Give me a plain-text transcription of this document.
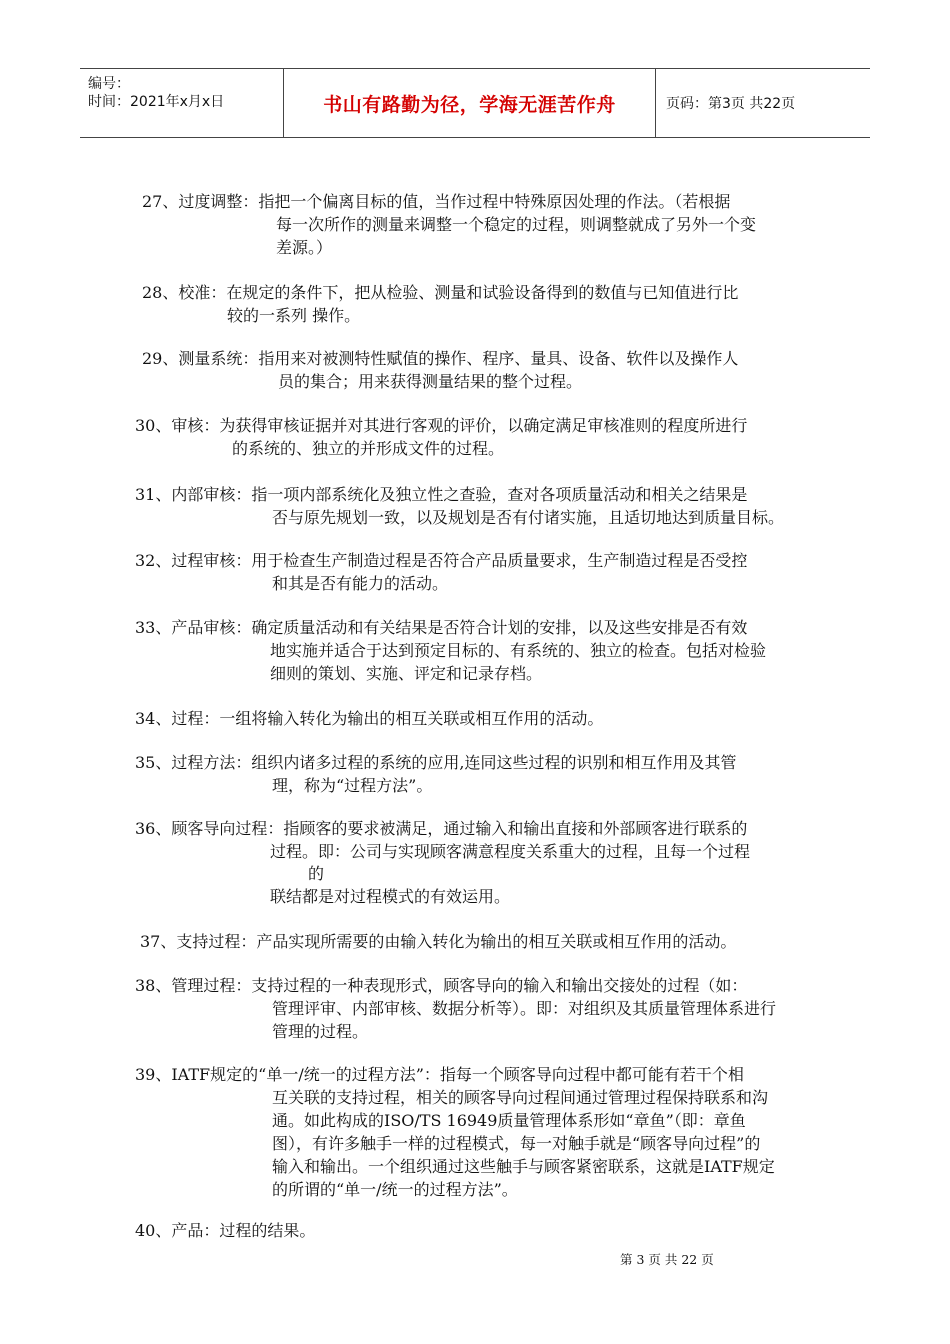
编号：
时间：2021年x月x日	书山有路勤为径，学海无涯苦作舟	页码：第3页 共22页
27、过度调整：指把一个偏离目标的值，当作过程中特殊原因处理的作法。（若根据
每一次所作的测量来调整一个稳定的过程，则调整就成了另外一个变
差源。）
28、校准：在规定的条件下，把从检验、测量和试验设备得到的数值与已知值进行比
较的一系列 操作。
29、测量系统：指用来对被测特性赋值的操作、程序、量具、设备、软件以及操作人
员的集合；用来获得测量结果的整个过程。
30、审核：为获得审核证据并对其进行客观的评价，以确定满足审核准则的程度所进行
的系统的、独立的并形成文件的过程。
31、内部审核：指一项内部系统化及独立性之查验，查对各项质量活动和相关之结果是
否与原先规划一致，以及规划是否有付诸实施，且适切地达到质量目标。
32、过程审核：用于检查生产制造过程是否符合产品质量要求，生产制造过程是否受控
和其是否有能力的活动。
33、产品审核：确定质量活动和有关结果是否符合计划的安排，以及这些安排是否有效
地实施并适合于达到预定目标的、有系统的、独立的检查。包括对检验
细则的策划、实施、评定和记录存档。
34、过程：一组将输入转化为输出的相互关联或相互作用的活动。
35、过程方法：组织内诸多过程的系统的应用,连同这些过程的识别和相互作用及其管
理，称为“过程方法”。
36、顾客导向过程：指顾客的要求被满足，通过输入和输出直接和外部顾客进行联系的
过程。即：公司与实现顾客满意程度关系重大的过程，且每一个过程
的
联结都是对过程模式的有效运用。
37、支持过程：产品实现所需要的由输入转化为输出的相互关联或相互作用的活动。
38、管理过程：支持过程的一种表现形式，顾客导向的输入和输出交接处的过程（如：
管理评审、内部审核、数据分析等）。即：对组织及其质量管理体系进行
管理的过程。
39、IATF规定的“单一/统一的过程方法”：指每一个顾客导向过程中都可能有若干个相
互关联的支持过程，相关的顾客导向过程间通过管理过程保持联系和沟
通。如此构成的ISO/TS 16949质量管理体系形如“章鱼”（即：章鱼
图），有许多触手一样的过程模式，每一对触手就是“顾客导向过程”的
输入和输出。一个组织通过这些触手与顾客紧密联系，这就是IATF规定
的所谓的“单一/统一的过程方法”。
40、产品：过程的结果。
第 3 页 共 22 页
